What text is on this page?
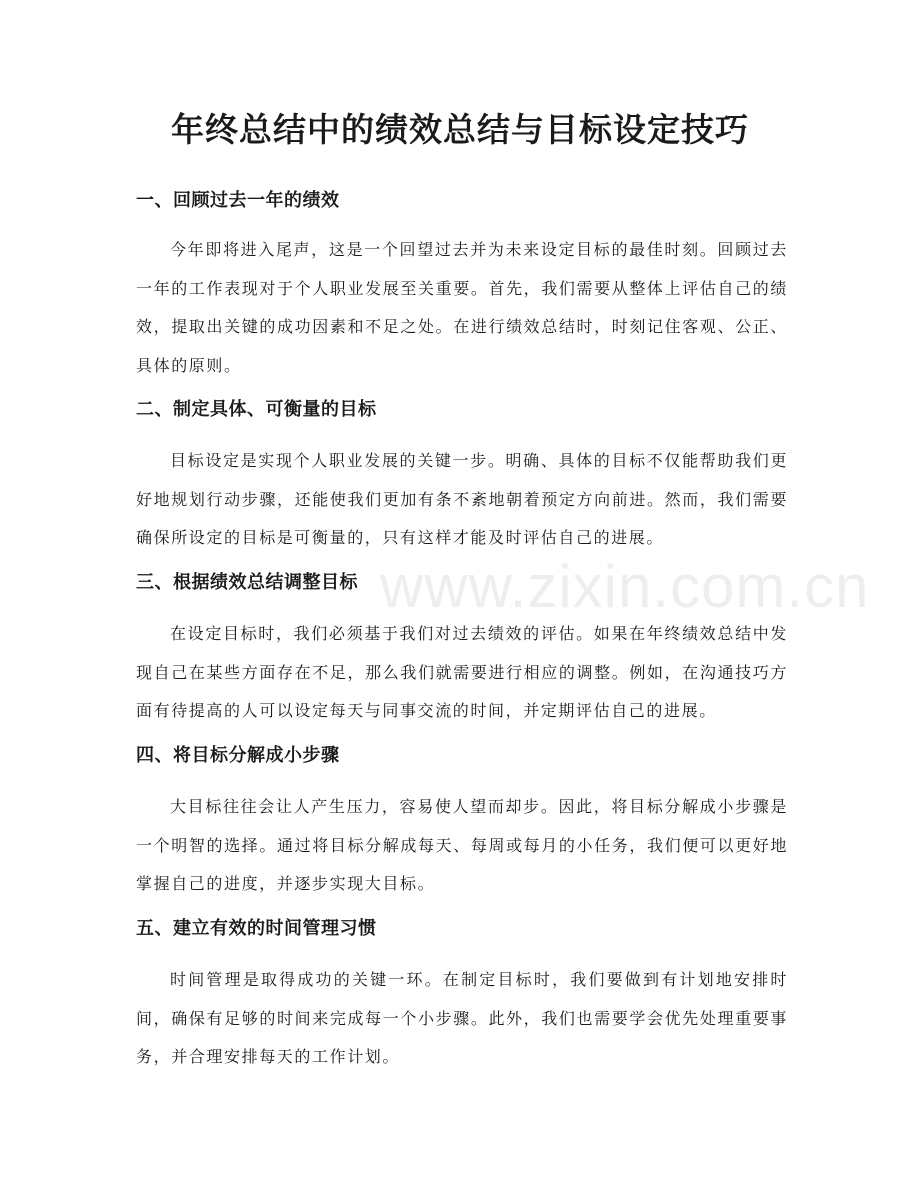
年终总结中的绩效总结与目标设定技巧
www.zixin.com.cn
一、回顾过去一年的绩效

今年即将进入尾声，这是一个回望过去并为未来设定目标的最佳时刻。回顾过去一年的工作表现对于个人职业发展至关重要。首先，我们需要从整体上评估自己的绩效，提取出关键的成功因素和不足之处。在进行绩效总结时，时刻记住客观、公正、具体的原则。

二、制定具体、可衡量的目标

目标设定是实现个人职业发展的关键一步。明确、具体的目标不仅能帮助我们更好地规划行动步骤，还能使我们更加有条不紊地朝着预定方向前进。然而，我们需要确保所设定的目标是可衡量的，只有这样才能及时评估自己的进展。

三、根据绩效总结调整目标

在设定目标时，我们必须基于我们对过去绩效的评估。如果在年终绩效总结中发现自己在某些方面存在不足，那么我们就需要进行相应的调整。例如，在沟通技巧方面有待提高的人可以设定每天与同事交流的时间，并定期评估自己的进展。

四、将目标分解成小步骤

大目标往往会让人产生压力，容易使人望而却步。因此，将目标分解成小步骤是一个明智的选择。通过将目标分解成每天、每周或每月的小任务，我们便可以更好地掌握自己的进度，并逐步实现大目标。

五、建立有效的时间管理习惯

时间管理是取得成功的关键一环。在制定目标时，我们要做到有计划地安排时间，确保有足够的时间来完成每一个小步骤。此外，我们也需要学会优先处理重要事务，并合理安排每天的工作计划。
